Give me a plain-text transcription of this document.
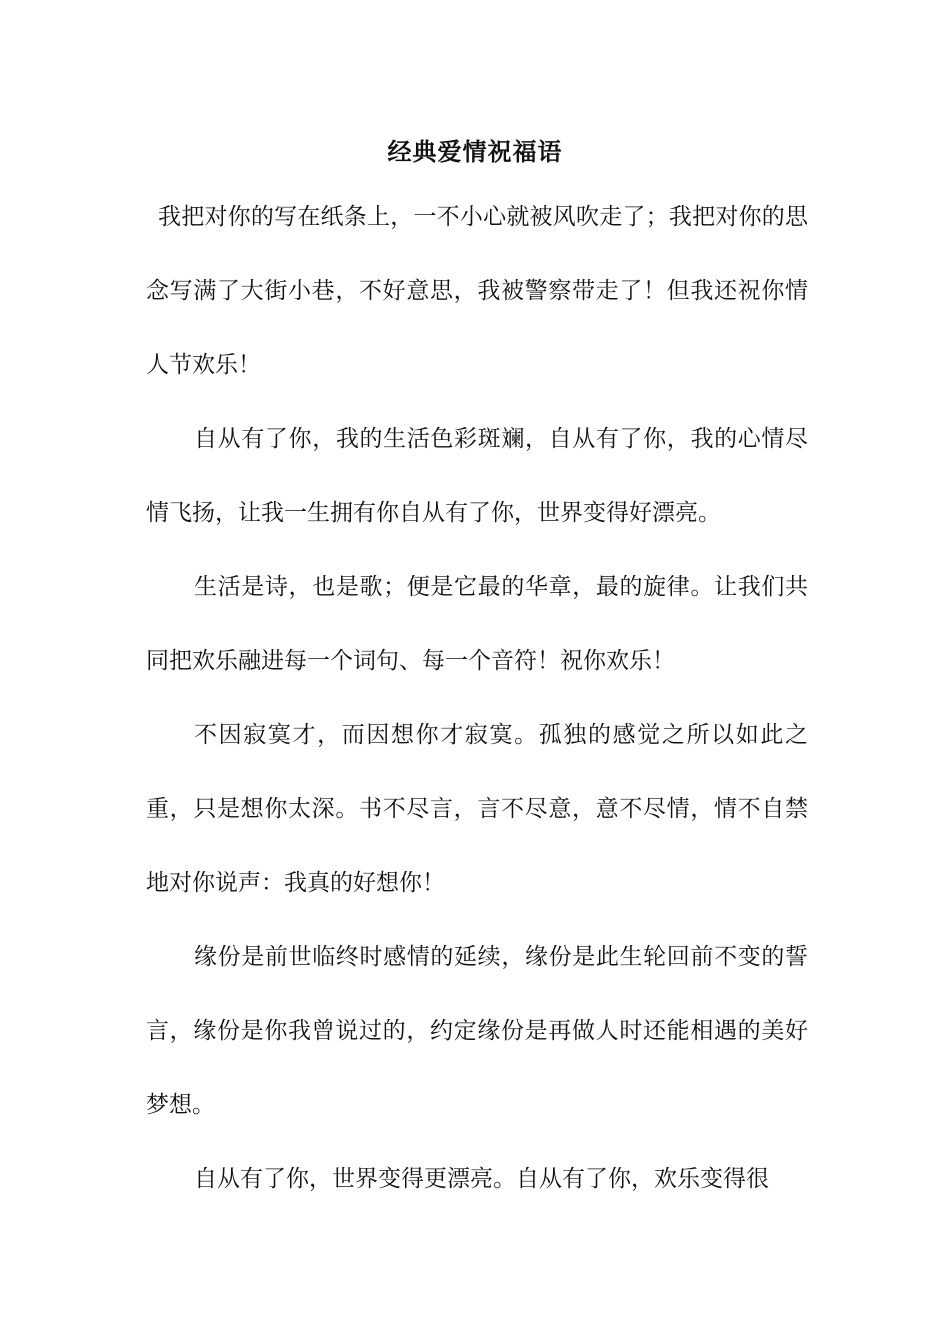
经典爱情祝福语

我把对你的写在纸条上，一不小心就被风吹走了；我把对你的思念写满了大街小巷，不好意思，我被警察带走了！但我还祝你情人节欢乐！

自从有了你，我的生活色彩斑斓，自从有了你，我的心情尽情飞扬，让我一生拥有你自从有了你，世界变得好漂亮。

生活是诗，也是歌；便是它最的华章，最的旋律。让我们共同把欢乐融进每一个词句、每一个音符！祝你欢乐！

不因寂寞才，而因想你才寂寞。孤独的感觉之所以如此之重，只是想你太深。书不尽言，言不尽意，意不尽情，情不自禁地对你说声：我真的好想你！

缘份是前世临终时感情的延续，缘份是此生轮回前不变的誓言，缘份是你我曾说过的，约定缘份是再做人时还能相遇的美好梦想。

自从有了你，世界变得更漂亮。自从有了你，欢乐变得很
